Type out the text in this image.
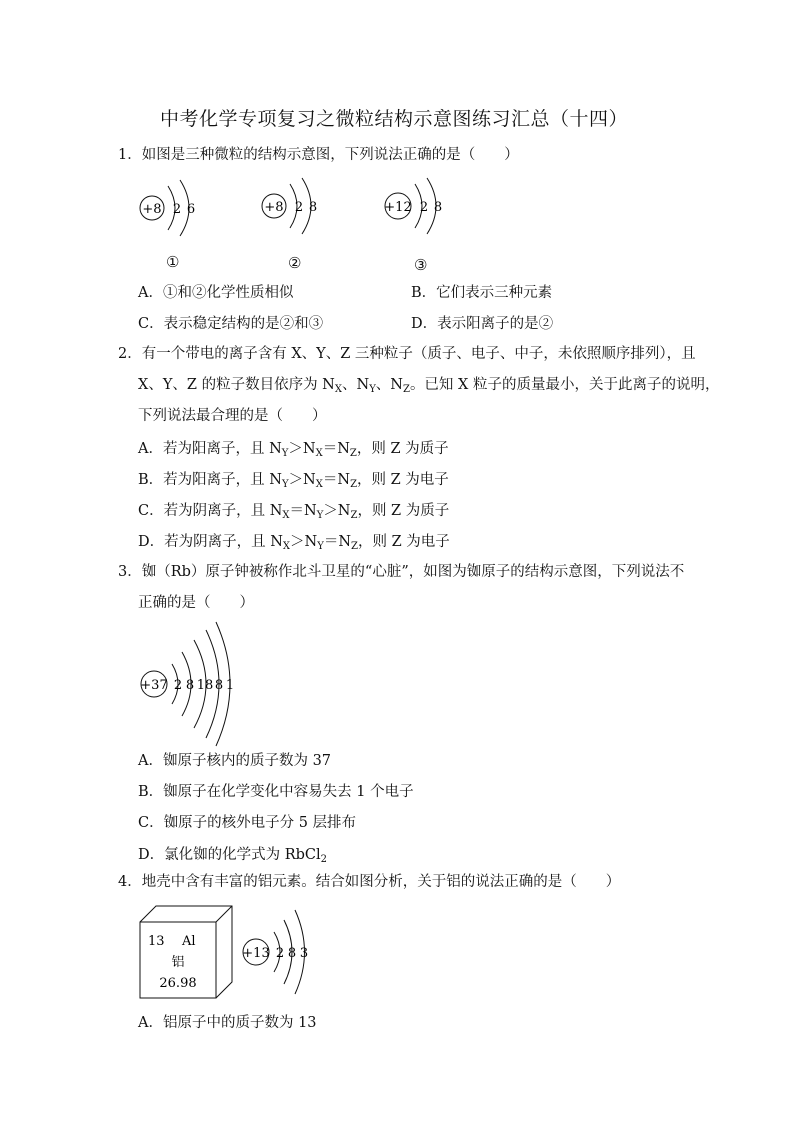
中考化学专项复习之微粒结构示意图练习汇总（十四）
1．如图是三种微粒的结构示意图，下列说法正确的是（　　）
+8 2 6	+8 2 8	+12 2 8
①	②	③
A．①和②化学性质相似	B．它们表示三种元素
C．表示稳定结构的是②和③	D．表示阳离子的是②
2．有一个带电的离子含有 X、Y、Z 三种粒子（质子、电子、中子，未依照顺序排列），且
X、Y、Z 的粒子数目依序为 $N_X$、$N_Y$、$N_Z$。已知 X 粒子的质量最小，关于此离子的说明，
下列说法最合理的是（　　）
A．若为阳离子，且 $N_Y>N_X=N_Z$，则 Z 为质子
B．若为阳离子，且 $N_Y>N_X=N_Z$，则 Z 为电子
C．若为阴离子，且 $N_X=N_Y>N_Z$，则 Z 为质子
D．若为阴离子，且 $N_X>N_Y=N_Z$，则 Z 为电子
3．铷（Rb）原子钟被称作北斗卫星的“心脏”，如图为铷原子的结构示意图，下列说法不
正确的是（　　）
+37 2 8 18 8 1
A．铷原子核内的质子数为 37
B．铷原子在化学变化中容易失去 1 个电子
C．铷原子的核外电子分 5 层排布
D．氯化铷的化学式为 RbCl$_2$
4．地壳中含有丰富的铝元素。结合如图分析，关于铝的说法正确的是（　　）
13 Al
铝
26.98
+13 2 8 3
A．铝原子中的质子数为 13
